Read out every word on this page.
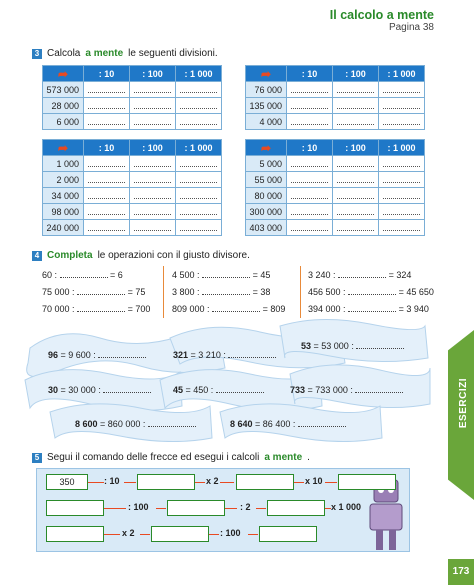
Il calcolo a mente
Pagina 38
3 Calcola a mente le seguenti divisioni.
➦	: 10	: 100	: 1 000
573 000			
28 000			
6 000			
➦	: 10	: 100	: 1 000
76 000			
135 000			
4 000			
➦	: 10	: 100	: 1 000
1 000			
2 000			
34 000			
98 000			
240 000			
➦	: 10	: 100	: 1 000
5 000			
55 000			
80 000			
300 000			
403 000			
4 Completa le operazioni con il giusto divisore.
60 :	= 6
75 000 :	= 75
70 000 :	= 700
4 500 :	= 45
3 800 :	= 38
809 000 :	= 809
3 240 :	= 324
456 500 :	= 45 650
394 000 :	= 3 940
96 = 9 600 :	321 = 3 210 :
53 = 53 000 :
30 = 30 000 :	45 = 450 :	733 = 733 000 :
8 600 = 860 000 :	8 640 = 86 400 :
5 Segui il comando delle frecce ed esegui i calcoli a mente .
350	: 10	x 2	x 10
: 100	: 2	x 1 000
x 2	: 100
ESERCIZI
173
